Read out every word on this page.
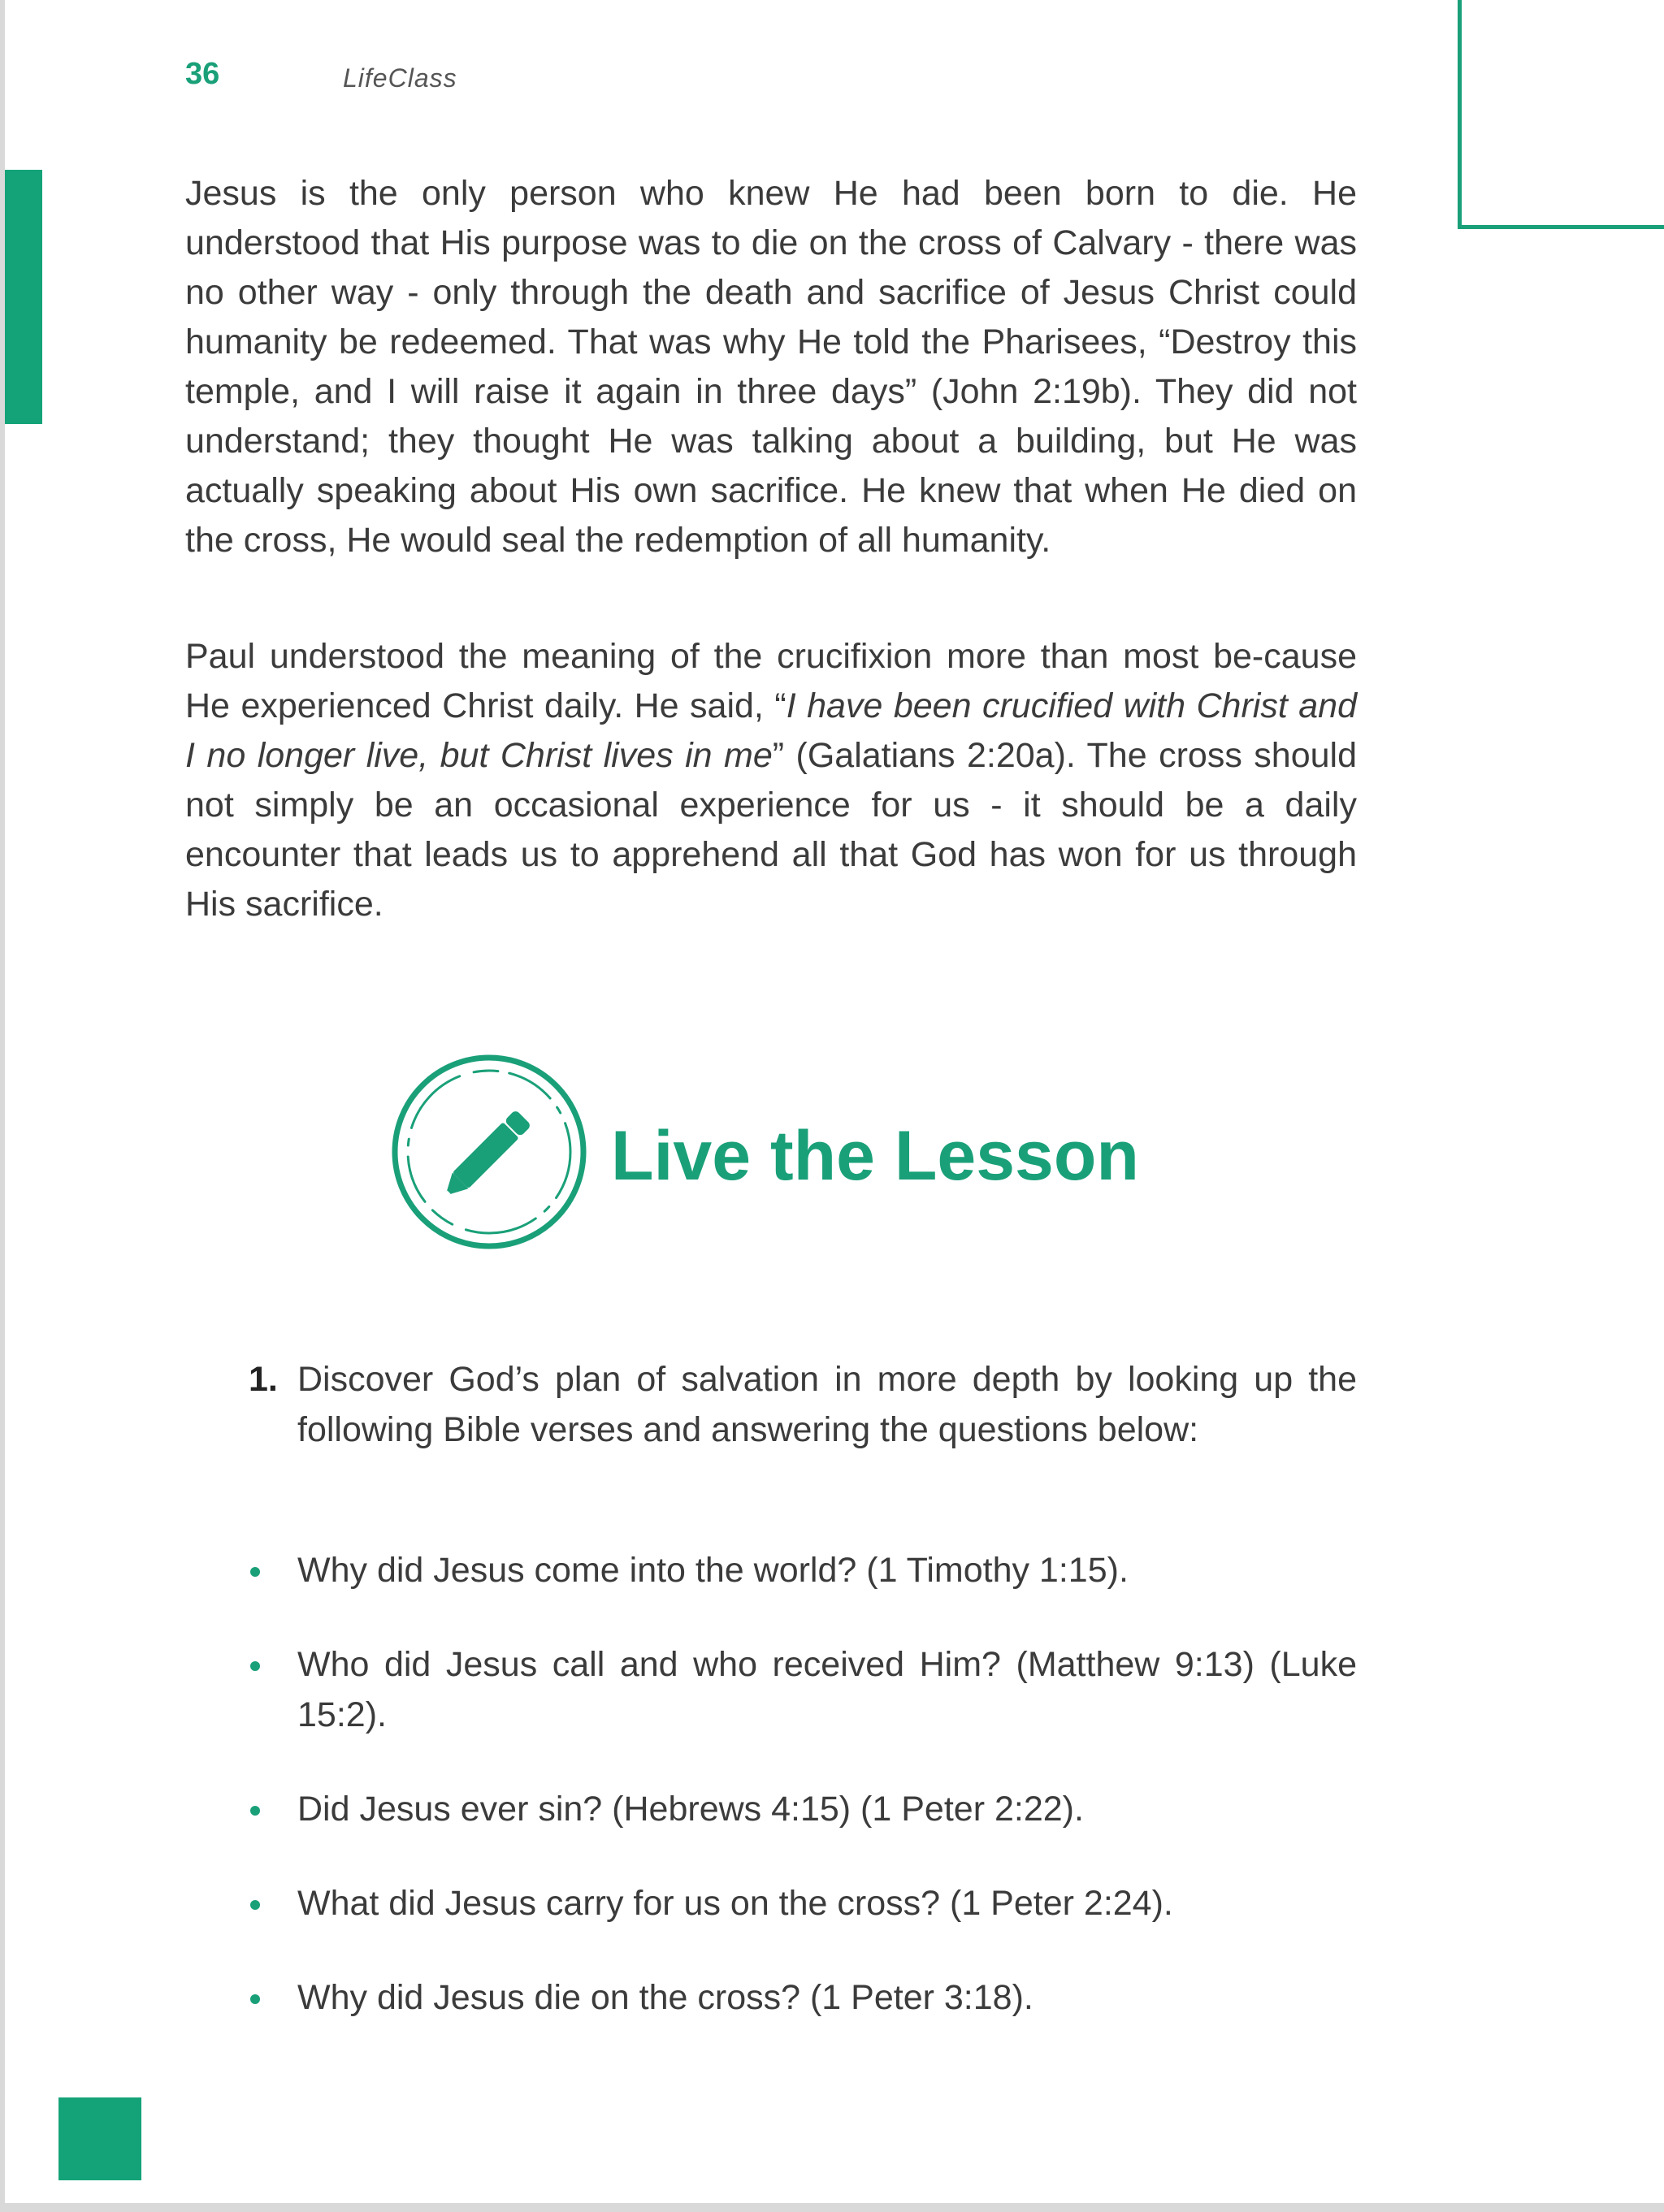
36	LifeClass

Jesus is the only person who knew He had been born to die. He understood that His purpose was to die on the cross of Calvary - there was no other way - only through the death and sacrifice of Jesus Christ could humanity be redeemed. That was why He told the Pharisees, “Destroy this temple, and I will raise it again in three days” (John 2:19b). They did not understand; they thought He was talking about a building, but He was actually speaking about His own sacrifice. He knew that when He died on the cross, He would seal the redemption of all humanity.

Paul understood the meaning of the crucifixion more than most be-cause He experienced Christ daily. He said, “I have been crucified with Christ and I no longer live, but Christ lives in me” (Galatians 2:20a). The cross should not simply be an occasional experience for us - it should be a daily encounter that leads us to apprehend all that God has won for us through His sacrifice.

Live the Lesson
1. Discover God’s plan of salvation in more depth by looking up the following Bible verses and answering the questions below:
Why did Jesus come into the world? (1 Timothy 1:15).
Who did Jesus call and who received Him? (Matthew 9:13) (Luke 15:2).
Did Jesus ever sin? (Hebrews 4:15) (1 Peter 2:22).
What did Jesus carry for us on the cross? (1 Peter 2:24).
Why did Jesus die on the cross? (1 Peter 3:18).
